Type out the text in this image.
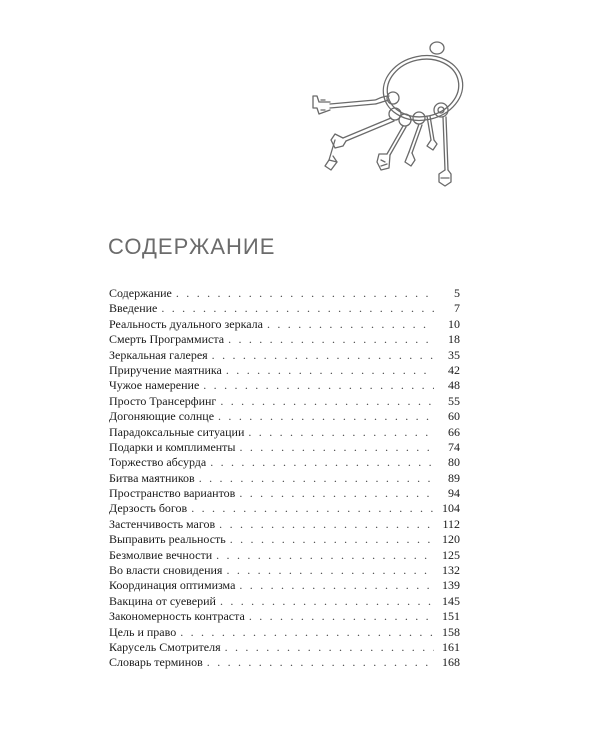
СОДЕРЖАНИЕ
Содержание . . .	5
Введение . . .	7
Реальность дуального зеркала . . .	10
Смерть Программиста . . .	18
Зеркальная галерея . . .	35
Приручение маятника . . .	42
Чужое намерение . . .	48
Просто Трансерфинг . . .	55
Догоняющие солнце . . .	60
Парадоксальные ситуации . . .	66
Подарки и комплименты . . .	74
Торжество абсурда . . .	80
Битва маятников . . .	89
Пространство вариантов . . .	94
Дерзость богов . . .	104
Застенчивость магов . . .	112
Выправить реальность . . .	120
Безмолвие вечности . . .	125
Во власти сновидения . . .	132
Координация оптимизма . . .	139
Вакцина от суеверий . . .	145
Закономерность контраста . . .	151
Цель и право . . .	158
Карусель Смотрителя . . .	161
Словарь терминов . . .	168
